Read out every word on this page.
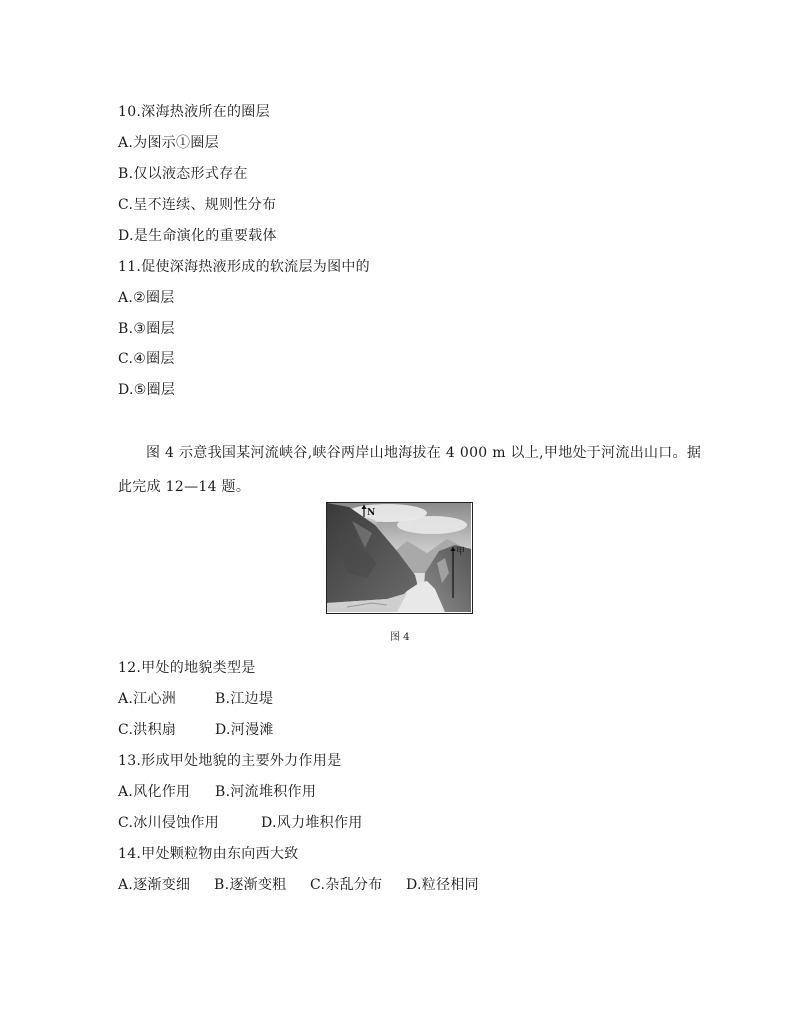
10.深海热液所在的圈层
A.为图示①圈层
B.仅以液态形式存在
C.呈不连续、规则性分布
D.是生命演化的重要载体
11.促使深海热液形成的软流层为图中的
A.②圈层
B.③圈层
C.④圈层
D.⑤圈层
图 4 示意我国某河流峡谷,峡谷两岸山地海拔在 4 000 m 以上,甲地处于河流出山口。据此完成 12—14 题。
N
甲
图 4
12.甲处的地貌类型是
A.江心洲	B.江边堤
C.洪积扇	D.河漫滩
13.形成甲处地貌的主要外力作用是
A.风化作用 B.河流堆积作用
C.冰川侵蚀作用	D.风力堆积作用
14.甲处颗粒物由东向西大致
A.逐渐变细 B.逐渐变粗 C.杂乱分布 D.粒径相同
